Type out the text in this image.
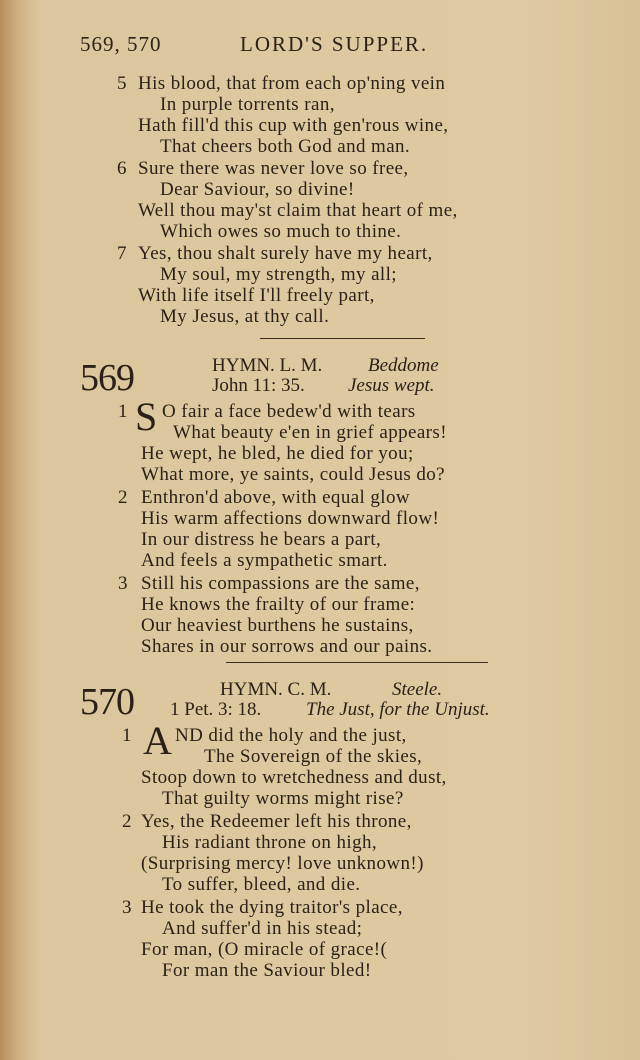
569, 570	LORD'S SUPPER.
5 His blood, that from each op'ning vein
In purple torrents ran,
Hath fill'd this cup with gen'rous wine,
That cheers both God and man.
6 Sure there was never love so free,
Dear Saviour, so divine!
Well thou may'st claim that heart of me,
Which owes so much to thine.
7 Yes, thou shalt surely have my heart,
My soul, my strength, my all;
With life itself I'll freely part,
My Jesus, at thy call.
569	HYMN. L. M. Beddome
John 11: 35. Jesus wept.
1 S O fair a face bedew'd with tears
What beauty e'en in grief appears!
He wept, he bled, he died for you;
What more, ye saints, could Jesus do?
2 Enthron'd above, with equal glow
His warm affections downward flow!
In our distress he bears a part,
And feels a sympathetic smart.
3 Still his compassions are the same,
He knows the frailty of our frame:
Our heaviest burthens he sustains,
Shares in our sorrows and our pains.
570	HYMN. C. M.	Steele.
1 Pet. 3: 18. The Just, for the Unjust.
1 A ND did the holy and the just,
The Sovereign of the skies,
Stoop down to wretchedness and dust,
That guilty worms might rise?
2 Yes, the Redeemer left his throne,
His radiant throne on high,
(Surprising mercy! love unknown!)
To suffer, bleed, and die.
3 He took the dying traitor's place,
And suffer'd in his stead;
For man, (O miracle of grace!(
For man the Saviour bled!
